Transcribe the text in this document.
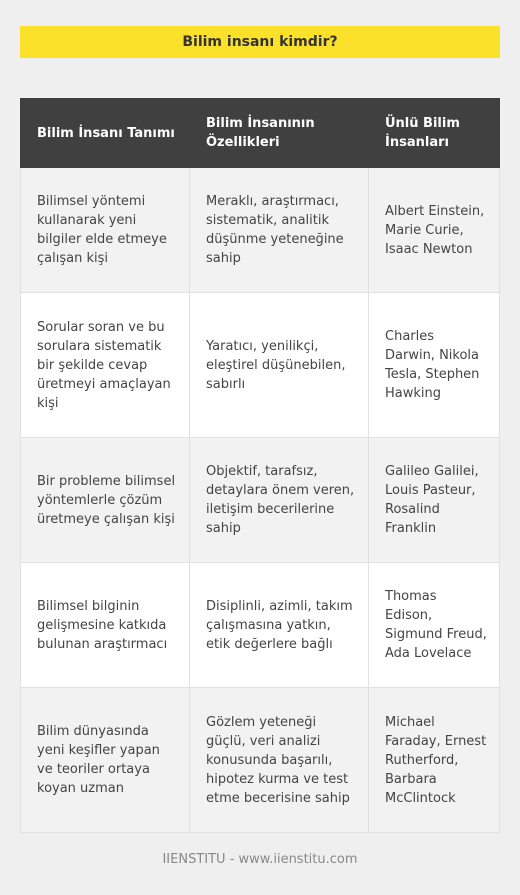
Bilim insanı kimdir?
Bilim İnsanı Tanımı	Bilim İnsanının Özellikleri	Ünlü Bilim İnsanları
Bilimsel yöntemi kullanarak yeni bilgiler elde etmeye çalışan kişi	Meraklı, araştırmacı, sistematik, analitik düşünme yeteneğine sahip	Albert Einstein, Marie Curie, Isaac Newton
Sorular soran ve bu sorulara sistematik bir şekilde cevap üretmeyi amaçlayan kişi	Yaratıcı, yenilikçi, eleştirel düşünebilen, sabırlı	Charles Darwin, Nikola Tesla, Stephen Hawking
Bir probleme bilimsel yöntemlerle çözüm üretmeye çalışan kişi	Objektif, tarafsız, detaylara önem veren, iletişim becerilerine sahip	Galileo Galilei, Louis Pasteur, Rosalind Franklin
Bilimsel bilginin gelişmesine katkıda bulunan araştırmacı	Disiplinli, azimli, takım çalışmasına yatkın, etik değerlere bağlı	Thomas Edison, Sigmund Freud, Ada Lovelace
Bilim dünyasında yeni keşifler yapan ve teoriler ortaya koyan uzman	Gözlem yeteneği güçlü, veri analizi konusunda başarılı, hipotez kurma ve test etme becerisine sahip	Michael Faraday, Ernest Rutherford, Barbara McClintock
IIENSTITU - www.iienstitu.com
